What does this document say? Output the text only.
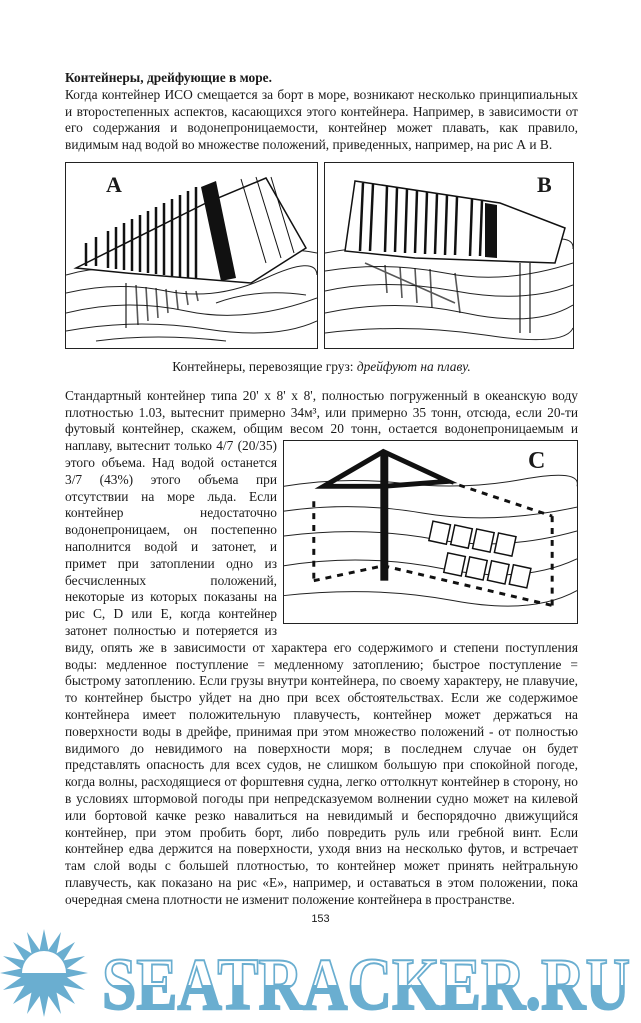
Контейнеры, дрейфующие в море.

Когда контейнер ИСО смещается за борт в море, возникают несколько принципиальных и второстепенных аспектов, касающихся этого контейнера. Например, в зависимости от его содержания и водонепроницаемости, контейнер может плавать, как правило, видимым над водой во множестве положений, приведенных, например, на рис А и В.

A	B
Контейнеры, перевозящие груз: дрейфуют на плаву.

Стандартный контейнер типа 20' x 8' x 8', полностью погруженный в океанскую воду плотностью 1.03, вытеснит примерно 34м³, или примерно 35 тонн, отсюда, если 20-ти футовый контейнер, скажем, общим весом 20 тонн, остается водонепроницаемым и
C
наплаву, вытеснит только 4/7 (20/35) этого объема. Над водой останется 3/7 (43%) этого объема при отсутствии на море льда. Если контейнер недостаточно водонепроницаем, он постепенно наполнится водой и затонет, и примет при затоплении одно из бесчисленных положений, некоторые из которых показаны на рис C, D или E, когда контейнер затонет полностью и потеряется из виду, опять же в зависимости от характера его содержимого и степени поступления воды: медленное поступление = медленному затоплению; быстрое поступление = быстрому затоплению. Если грузы внутри контейнера, по своему характеру, не плавучие, то контейнер быстро уйдет на дно при всех обстоятельствах. Если же содержимое контейнера имеет положительную плавучесть, контейнер может держаться на поверхности воды в дрейфе, принимая при этом множество положений - от полностью видимого до невидимого на поверхности моря; в последнем случае он будет представлять опасность для всех судов, не слишком большую при спокойной погоде, когда волны, расходящиеся от форштевня судна, легко оттолкнут контейнер в сторону, но в условиях штормовой погоды при непредсказуемом волнении судно может на килевой или бортовой качке резко навалиться на невидимый и беспорядочно движущийся контейнер, при этом пробить борт, либо повредить руль или гребной винт. Если контейнер едва держится на поверхности, уходя вниз на несколько футов, и встречает там слой воды с большей плотностью, то контейнер может принять нейтральную плавучесть, как показано на рис «Е», например, и оставаться в этом положении, пока очередная смена плотности не изменит положение контейнера в пространстве.

153
SEATRACKER.RU
